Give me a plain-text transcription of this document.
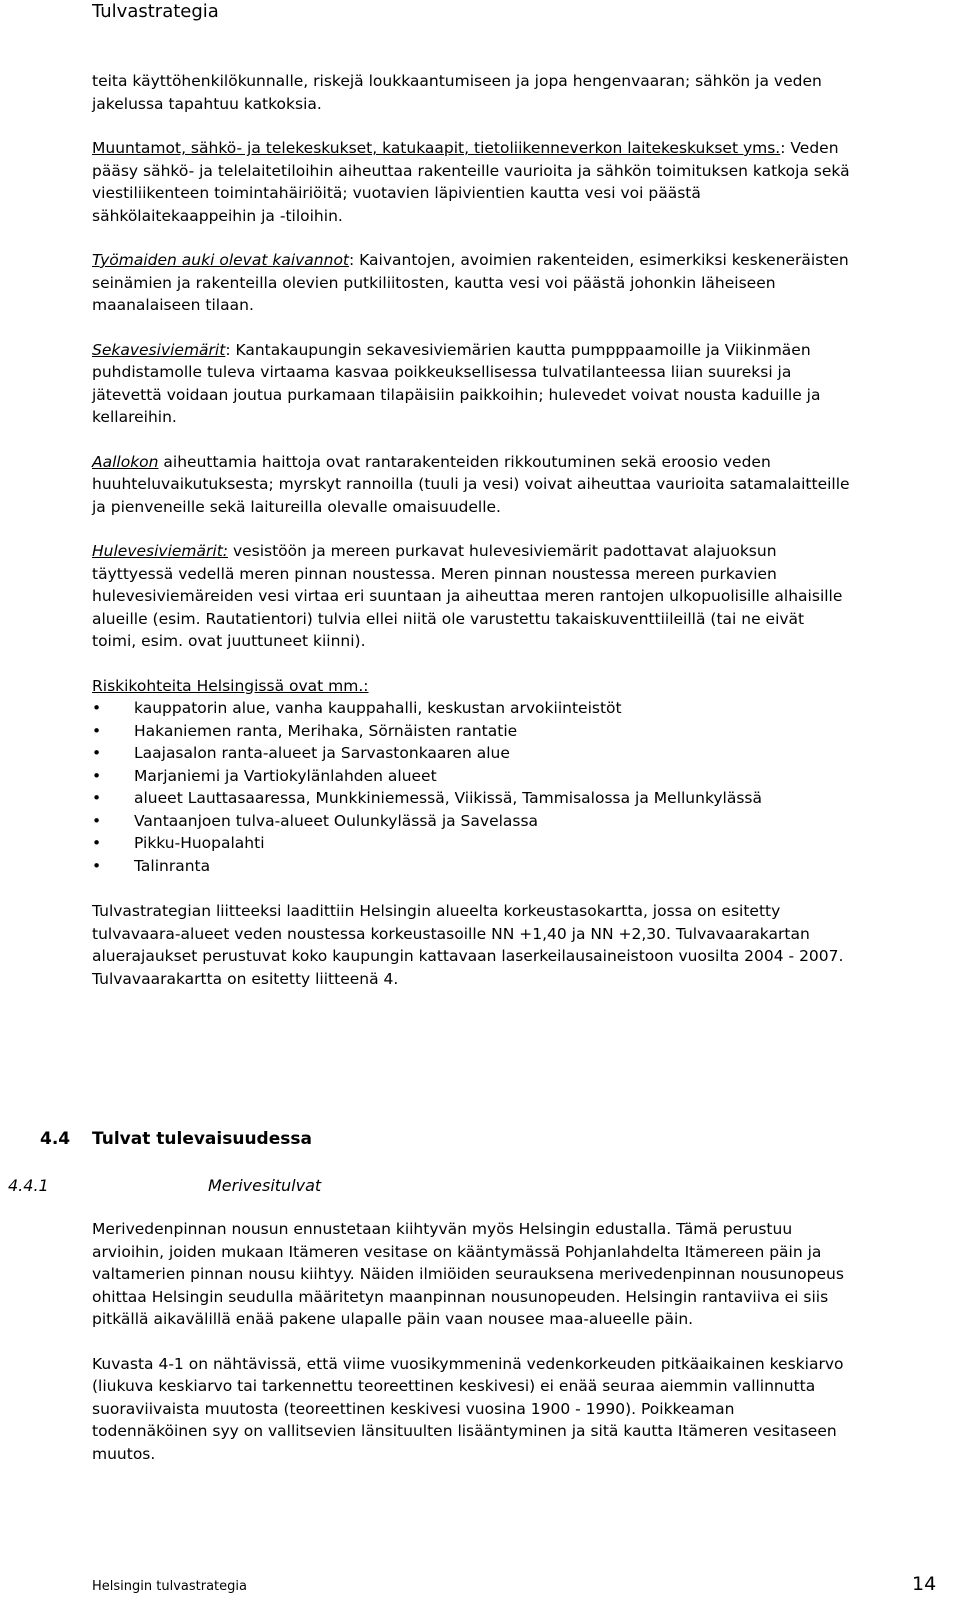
Tulvastrategia

teita käyttöhenkilökunnalle, riskejä loukkaantumiseen ja jopa hengenvaaran; sähkön ja veden jakelussa tapahtuu katkoksia.

Muuntamot, sähkö- ja telekeskukset, katukaapit, tietoliikenneverkon laitekeskukset yms.: Veden pääsy sähkö- ja telelaitetiloihin aiheuttaa rakenteille vaurioita ja sähkön toimituksen katkoja sekä viestiliikenteen toimintahäiriöitä; vuotavien läpivientien kautta vesi voi päästä sähkölaitekaappeihin ja -tiloihin.

Työmaiden auki olevat kaivannot: Kaivantojen, avoimien rakenteiden, esimerkiksi keskeneräisten seinämien ja rakenteilla olevien putkiliitosten, kautta vesi voi päästä johonkin läheiseen maanalaiseen tilaan.

Sekavesiviemärit: Kantakaupungin sekavesiviemärien kautta pumpppaamoille ja Viikinmäen puhdistamolle tuleva virtaama kasvaa poikkeuksellisessa tulvatilanteessa liian suureksi ja jätevettä voidaan joutua purkamaan tilapäisiin paikkoihin; hulevedet voivat nousta kaduille ja kellareihin.

Aallokon aiheuttamia haittoja ovat rantarakenteiden rikkoutuminen sekä eroosio veden huuhteluvaikutuksesta; myrskyt rannoilla (tuuli ja vesi) voivat aiheuttaa vaurioita satamalaitteille ja pienveneille sekä laitureilla olevalle omaisuudelle.

Hulevesiviemärit: vesistöön ja mereen purkavat hulevesiviemärit padottavat alajuoksun täyttyessä vedellä meren pinnan noustessa. Meren pinnan noustessa mereen purkavien hulevesiviemäreiden vesi virtaa eri suuntaan ja aiheuttaa meren rantojen ulkopuolisille alhaisille alueille (esim. Rautatientori) tulvia ellei niitä ole varustettu takaiskuventtiileillä (tai ne eivät toimi, esim. ovat juuttuneet kiinni).

Riskikohteita Helsingissä ovat mm.:

• kauppatorin alue, vanha kauppahalli, keskustan arvokiinteistöt
• Hakaniemen ranta, Merihaka, Sörnäisten rantatie
• Laajasalon ranta-alueet ja Sarvastonkaaren alue
• Marjaniemi ja Vartiokylänlahden alueet
• alueet Lauttasaaressa, Munkkiniemessä, Viikissä, Tammisalossa ja Mellunkylässä
• Vantaanjoen tulva-alueet Oulunkylässä ja Savelassa
• Pikku-Huopalahti
• Talinranta

Tulvastrategian liitteeksi laadittiin Helsingin alueelta korkeustasokartta, jossa on esitetty tulvavaara-alueet veden noustessa korkeustasoille NN +1,40 ja NN +2,30. Tulvavaarakartan aluerajaukset perustuvat koko kaupungin kattavaan laserkeilausaineistoon vuosilta 2004 - 2007. Tulvavaarakartta on esitetty liitteenä 4.

4.4 Tulvat tulevaisuudessa
4.4.1	Merivesitulvat

Merivedenpinnan nousun ennustetaan kiihtyvän myös Helsingin edustalla. Tämä perustuu arvioihin, joiden mukaan Itämeren vesitase on kääntymässä Pohjanlahdelta Itämereen päin ja valtamerien pinnan nousu kiihtyy. Näiden ilmiöiden seurauksena merivedenpinnan nousunopeus ohittaa Helsingin seudulla määritetyn maanpinnan nousunopeuden. Helsingin rantaviiva ei siis pitkällä aikavälillä enää pakene ulapalle päin vaan nousee maa-alueelle päin.

Kuvasta 4-1 on nähtävissä, että viime vuosikymmeninä vedenkorkeuden pitkäaikainen keskiarvo (liukuva keskiarvo tai tarkennettu teoreettinen keskivesi) ei enää seuraa aiemmin vallinnutta suoraviivaista muutosta (teoreettinen keskivesi vuosina 1900 - 1990). Poikkeaman todennäköinen syy on vallitsevien länsituulten lisääntyminen ja sitä kautta Itämeren vesitaseen muutos.

Helsingin tulvastrategia	14
